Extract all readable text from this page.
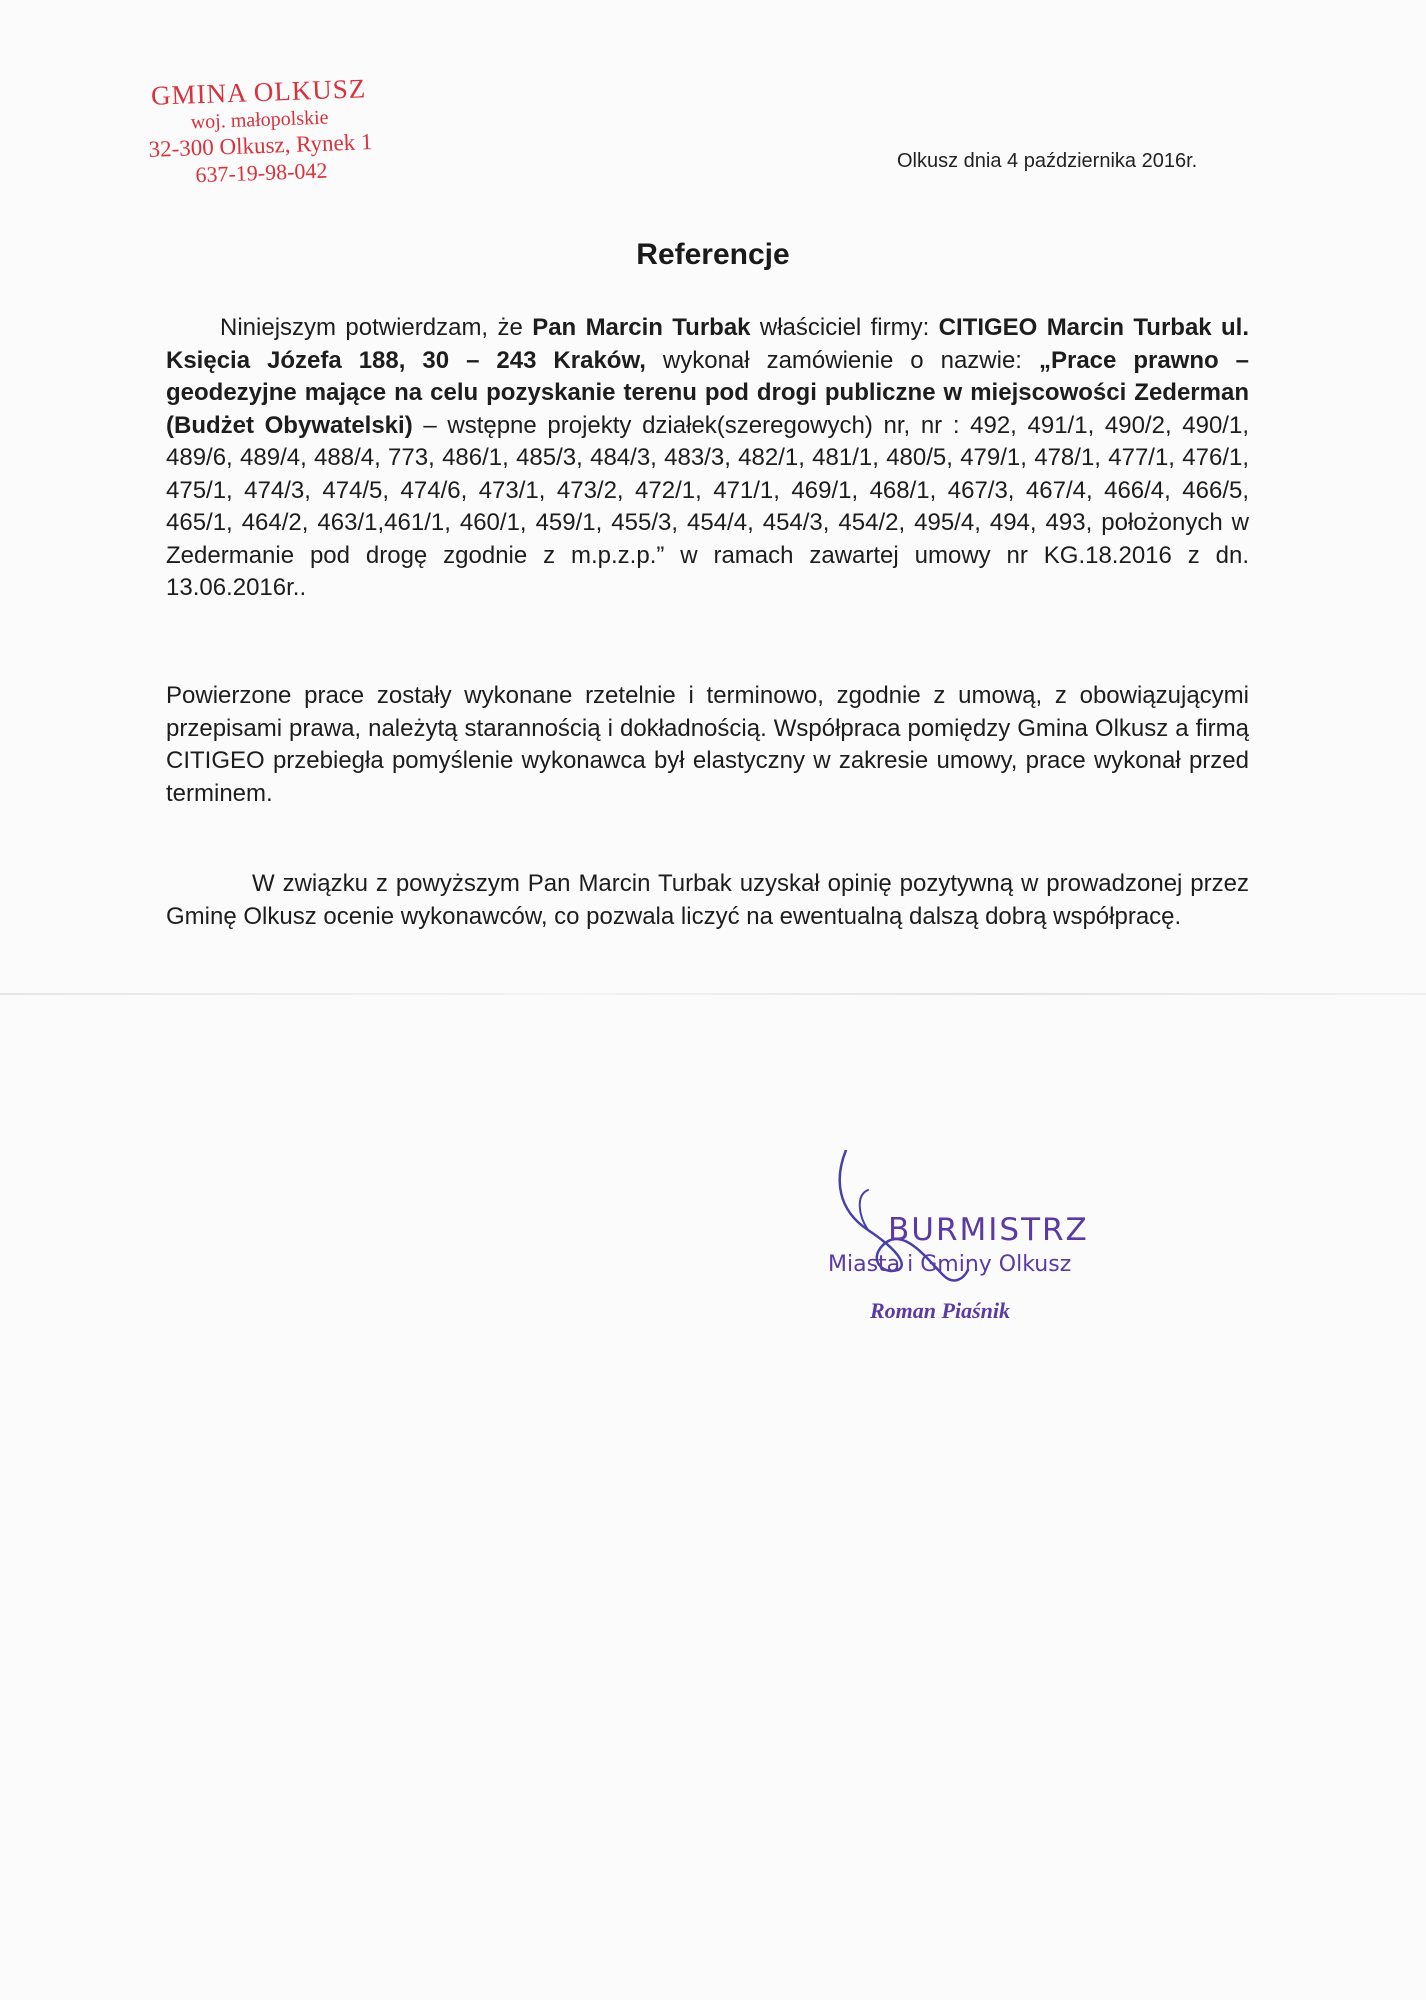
GMINA OLKUSZ
woj. małopolskie
32-300 Olkusz, Rynek 1
637-19-98-042	Olkusz dnia 4 października 2016r.
Referencje
Niniejszym potwierdzam, że Pan Marcin Turbak właściciel firmy: CITIGEO Marcin Turbak ul. Księcia Józefa 188, 30 – 243 Kraków, wykonał zamówienie o nazwie: „Prace prawno – geodezyjne mające na celu pozyskanie terenu pod drogi publiczne w miejscowości Zederman (Budżet Obywatelski) – wstępne projekty działek(szeregowych) nr, nr : 492, 491/1, 490/2, 490/1, 489/6, 489/4, 488/4, 773, 486/1, 485/3, 484/3, 483/3, 482/1, 481/1, 480/5, 479/1, 478/1, 477/1, 476/1, 475/1, 474/3, 474/5, 474/6, 473/1, 473/2, 472/1, 471/1, 469/1, 468/1, 467/3, 467/4, 466/4, 466/5, 465/1, 464/2, 463/1,461/1, 460/1, 459/1, 455/3, 454/4, 454/3, 454/2, 495/4, 494, 493, położonych w Zedermanie pod drogę zgodnie z m.p.z.p.” w ramach zawartej umowy nr KG.18.2016 z dn. 13.06.2016r..
Powierzone prace zostały wykonane rzetelnie i terminowo, zgodnie z umową, z obowiązującymi przepisami prawa, należytą starannością i dokładnością. Współpraca pomiędzy Gmina Olkusz a firmą CITIGEO przebiegła pomyślenie wykonawca był elastyczny w zakresie umowy, prace wykonał przed terminem.
W związku z powyższym Pan Marcin Turbak uzyskał opinię pozytywną w prowadzonej przez Gminę Olkusz ocenie wykonawców, co pozwala liczyć na ewentualną dalszą dobrą współpracę.
BURMISTRZ
Miasta i Gminy Olkusz
Roman Piaśnik
